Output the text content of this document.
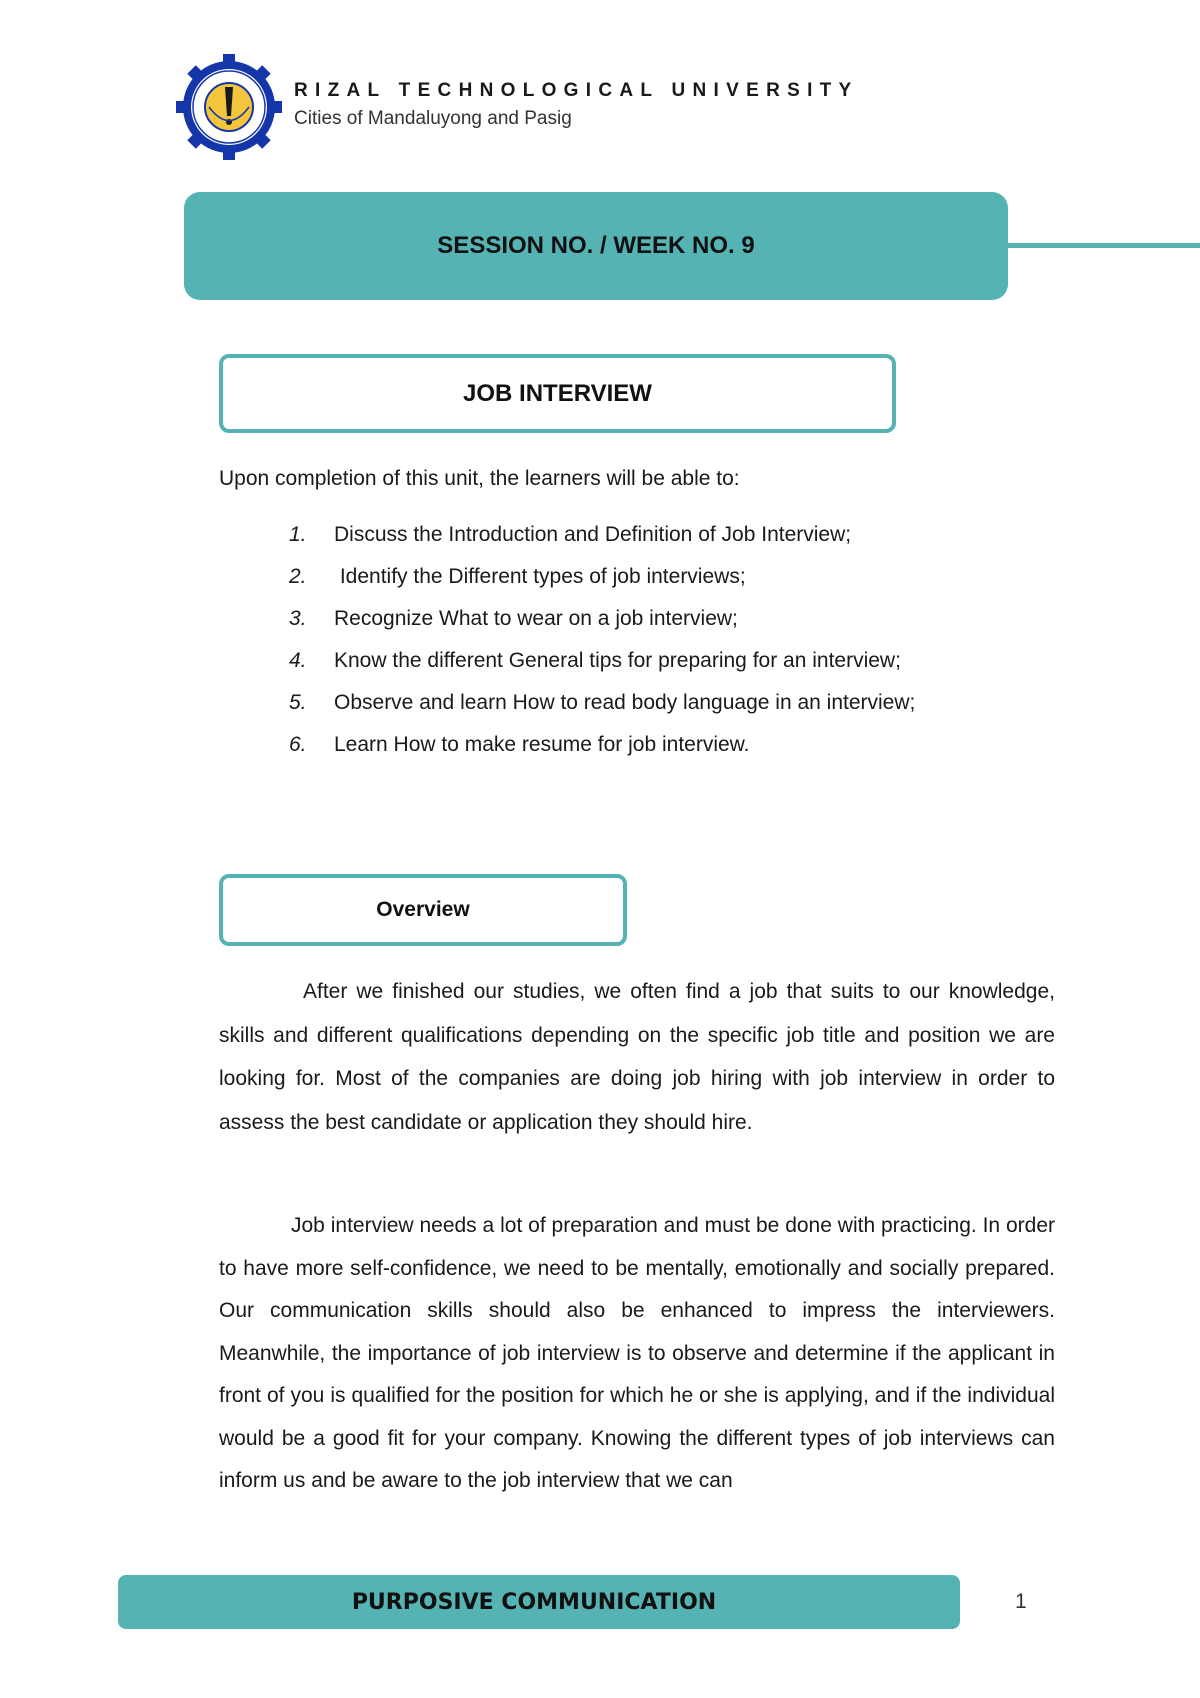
RIZAL TECHNOLOGICAL UNIVERSITY
Cities of Mandaluyong and Pasig
SESSION NO. / WEEK NO. 9
JOB INTERVIEW
Upon completion of this unit, the learners will be able to:
1.	Discuss the Introduction and Definition of Job Interview;
2.	Identify the Different types of job interviews;
3.	Recognize What to wear on a job interview;
4.	Know the different General tips for preparing for an interview;
5.	Observe and learn How to read body language in an interview;
6.	Learn How to make resume for job interview.
Overview

After we finished our studies, we often find a job that suits to our knowledge, skills and different qualifications depending on the specific job title and position we are looking for. Most of the companies are doing job hiring with job interview in order to assess the best candidate or application they should hire.

Job interview needs a lot of preparation and must be done with practicing. In order to have more self-confidence, we need to be mentally, emotionally and socially prepared. Our communication skills should also be enhanced to impress the interviewers. Meanwhile, the importance of job interview is to observe and determine if the applicant in front of you is qualified for the position for which he or she is applying, and if the individual would be a good fit for your company. Knowing the different types of job interviews can inform us and be aware to the job interview that we can

PURPOSIVE COMMUNICATION	1
